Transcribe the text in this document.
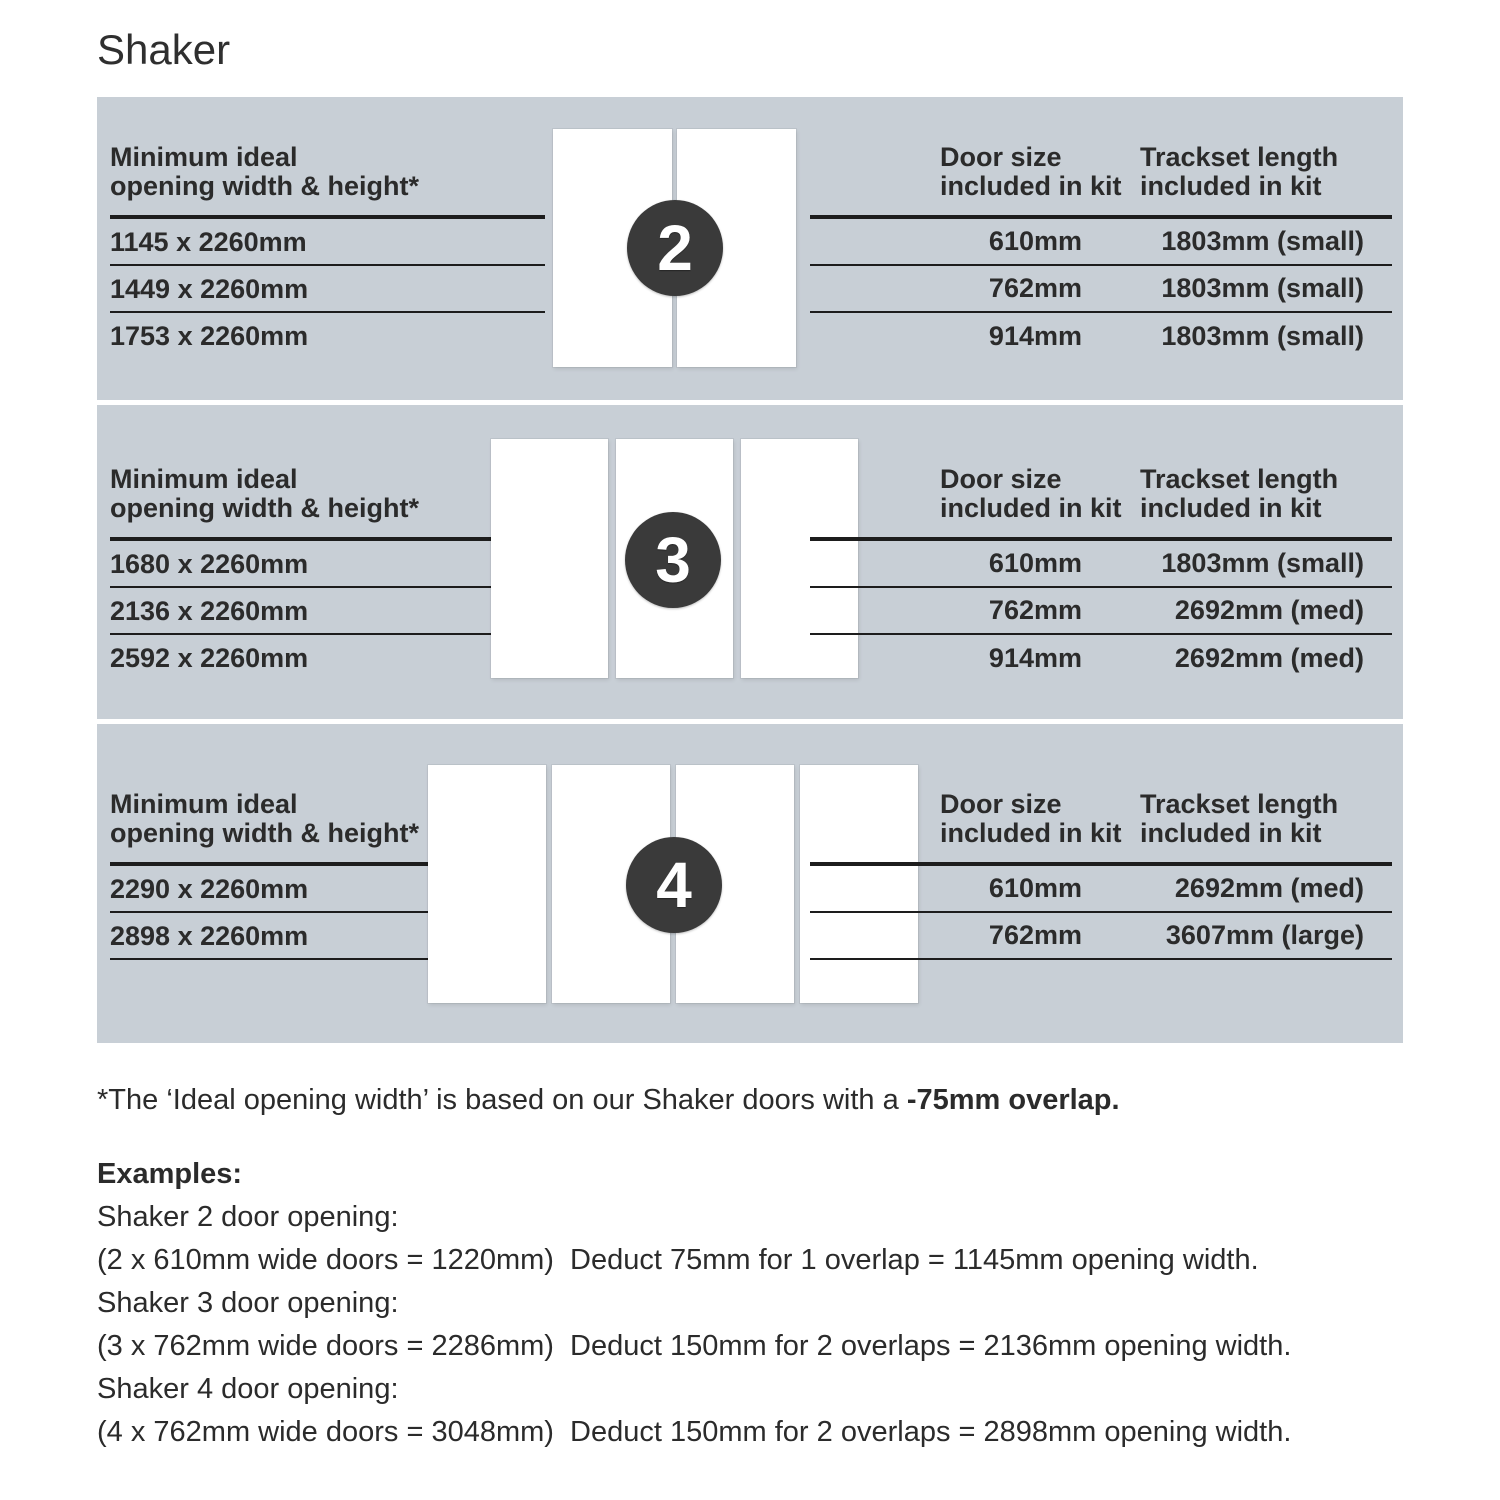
Shaker
Minimum ideal
opening width & height*
1145 x 2260mm
1449 x 2260mm
1753 x 2260mm
2
Door size
included in kit
Trackset length
included in kit
610mm	1803mm (small)
762mm	1803mm (small)
914mm	1803mm (small)
Minimum ideal
opening width & height*
1680 x 2260mm
2136 x 2260mm
2592 x 2260mm
3
Door size
included in kit
Trackset length
included in kit
610mm	1803mm (small)
762mm	2692mm (med)
914mm	2692mm (med)
Minimum ideal
opening width & height*
2290 x 2260mm
2898 x 2260mm
4
Door size
included in kit
Trackset length
included in kit
610mm	2692mm (med)
762mm	3607mm (large)
*The ‘Ideal opening width’ is based on our Shaker doors with a -75mm overlap.
Examples:
Shaker 2 door opening:
(2 x 610mm wide doors = 1220mm)  Deduct 75mm for 1 overlap = 1145mm opening width.
Shaker 3 door opening:
(3 x 762mm wide doors = 2286mm)  Deduct 150mm for 2 overlaps = 2136mm opening width.
Shaker 4 door opening:
(4 x 762mm wide doors = 3048mm)  Deduct 150mm for 2 overlaps = 2898mm opening width.
